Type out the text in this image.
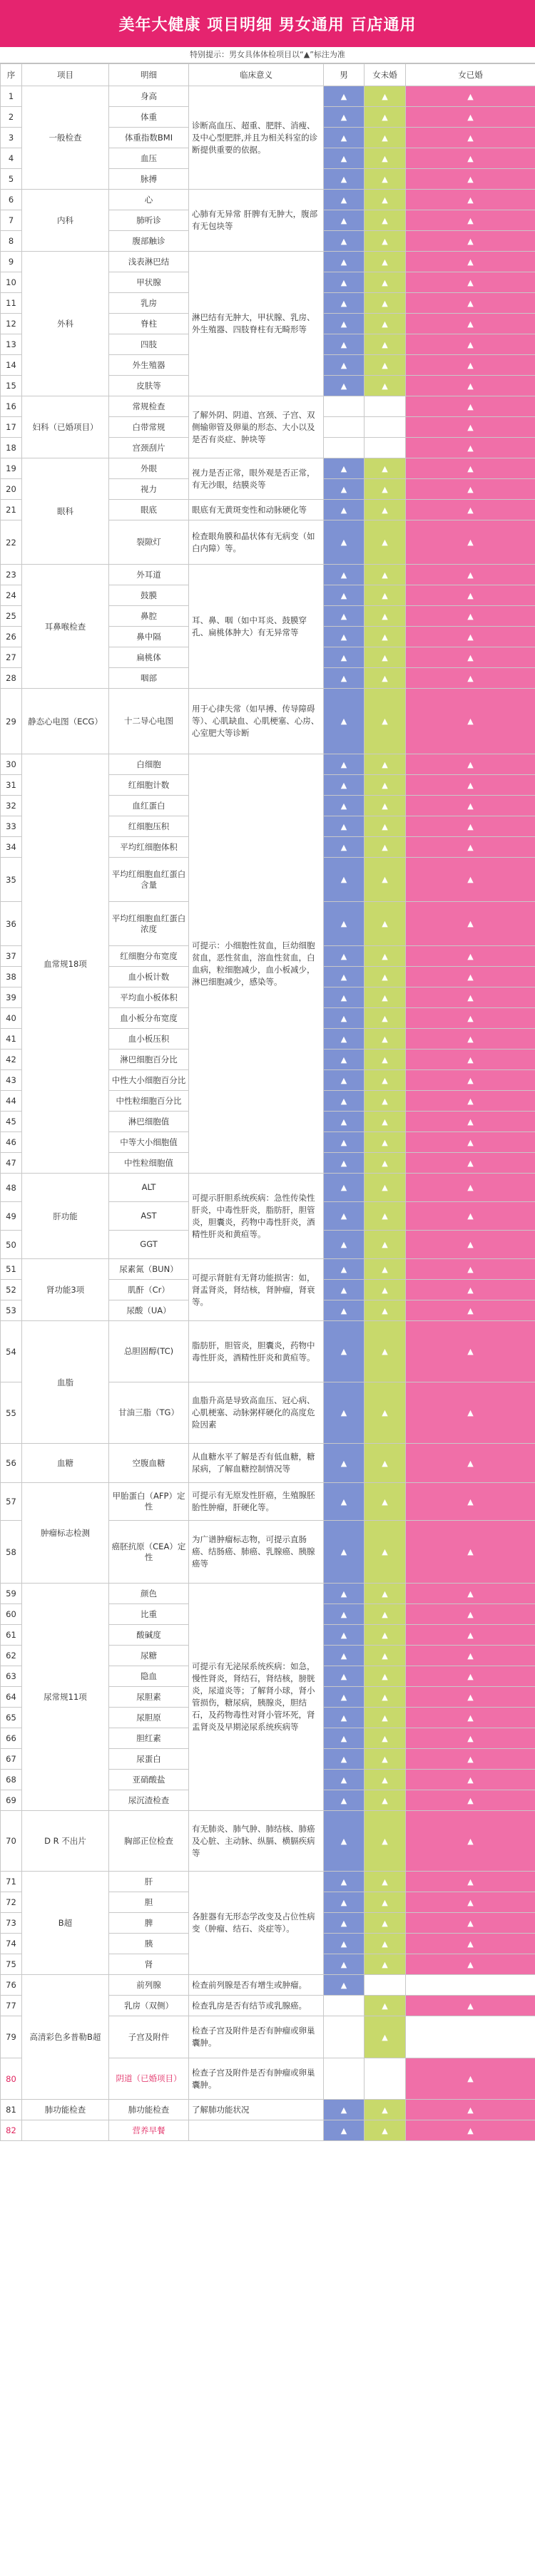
美年大健康 项目明细 男女通用 百店通用
特别提示：男女具体体检项目以“▲”标注为准
序	项目	明细	临床意义	男	女未婚	女已婚
1	一般检查	身高	诊断高血压、超重、肥胖、消瘦、及中心型肥胖,并且为相关科室的诊断提供重要的依据。	▲	▲	▲
2		体重		▲	▲	▲
3		体重指数BMI		▲	▲	▲
4		血压		▲	▲	▲
5		脉搏		▲	▲	▲
6	内科	心	心肺有无异常 肝脾有无肿大，腹部有无包块等	▲	▲	▲
7		肺听诊		▲	▲	▲
8		腹部触诊		▲	▲	▲
9	外科	浅表淋巴结	淋巴结有无肿大，甲状腺、乳房、外生殖器、四肢脊柱有无畸形等	▲	▲	▲
10		甲状腺		▲	▲	▲
11		乳房		▲	▲	▲
12		脊柱		▲	▲	▲
13		四肢		▲	▲	▲
14		外生殖器		▲	▲	▲
15		皮肤等		▲	▲	▲
16	妇科（已婚项目）	常规检查	了解外阴、阴道、宫颈、子宫、双侧输卵管及卵巢的形态、大小以及是否有炎症、肿块等			▲
17		白带常规				▲
18		宫颈刮片				▲
19	眼科	外眼	视力是否正常，眼外观是否正常，有无沙眼，结膜炎等	▲	▲	▲
20		视力		▲	▲	▲
21		眼底	眼底有无黄斑变性和动脉硬化等	▲	▲	▲
22		裂隙灯	检查眼角膜和晶状体有无病变（如白内障）等。	▲	▲	▲
23	耳鼻喉检查	外耳道	耳、鼻、咽（如中耳炎、鼓膜穿孔、扁桃体肿大）有无异常等	▲	▲	▲
24		鼓膜		▲	▲	▲
25		鼻腔		▲	▲	▲
26		鼻中隔		▲	▲	▲
27		扁桃体		▲	▲	▲
28		咽部		▲	▲	▲
29	静态心电图（ECG）	十二导心电图	用于心律失常（如早搏、传导障碍等）、心肌缺血、心肌梗塞、心房、心室肥大等诊断	▲	▲	▲
30	血常规18项	白细胞	可提示：小细胞性贫血，巨幼细胞贫血，恶性贫血，溶血性贫血，白血病，粒细胞减少，血小板减少，淋巴细胞减少，感染等。	▲	▲	▲
31		红细胞计数		▲	▲	▲
32		血红蛋白		▲	▲	▲
33		红细胞压积		▲	▲	▲
34		平均红细胞体积		▲	▲	▲
35		平均红细胞血红蛋白含量		▲	▲	▲
36		平均红细胞血红蛋白浓度		▲	▲	▲
37		红细胞分布宽度		▲	▲	▲
38		血小板计数		▲	▲	▲
39		平均血小板体积		▲	▲	▲
40		血小板分布宽度		▲	▲	▲
41		血小板压积		▲	▲	▲
42		淋巴细胞百分比		▲	▲	▲
43		中性大小细胞百分比		▲	▲	▲
44		中性粒细胞百分比		▲	▲	▲
45		淋巴细胞值		▲	▲	▲
46		中等大小细胞值		▲	▲	▲
47		中性粒细胞值		▲	▲	▲
48	肝功能	ALT	可提示肝胆系统疾病：急性传染性肝炎，中毒性肝炎，脂肪肝，胆管炎，胆囊炎，药物中毒性肝炎，酒精性肝炎和黄疸等。	▲	▲	▲
49		AST		▲	▲	▲
50		GGT		▲	▲	▲
51	肾功能3项	尿素氮（BUN）	可提示肾脏有无肾功能损害：如，肾盂肾炎，肾结核，肾肿瘤，肾衰等。	▲	▲	▲
52		肌酐（Cr）		▲	▲	▲
53		尿酸（UA）		▲	▲	▲
54	血脂	总胆固醇(TC)	脂肪肝，胆管炎，胆囊炎，药物中毒性肝炎，酒精性肝炎和黄疸等。	▲	▲	▲
55		甘油三脂（TG）	血脂升高是导致高血压、冠心病、心肌梗塞、动脉粥样硬化的高度危险因素	▲	▲	▲
56	血糖	空腹血糖	从血糖水平了解是否有低血糖，糖尿病，了解血糖控制情况等	▲	▲	▲
57	肿瘤标志检测	甲胎蛋白（AFP）定性	可提示有无原发性肝癌，生殖腺胚胎性肿瘤，肝硬化等。	▲	▲	▲
58		癌胚抗原（CEA）定性	为广谱肿瘤标志物，可提示直肠癌、结肠癌、肺癌、乳腺癌、胰腺癌等	▲	▲	▲
59	尿常规11项	颜色	可提示有无泌尿系统疾病：如急，慢性肾炎，肾结石，肾结核，膀胱炎，尿道炎等；了解肾小球，肾小管损伤，糖尿病，胰腺炎，胆结石，及药物毒性对肾小管坏死，肾盂肾炎及早期泌尿系统疾病等	▲	▲	▲
60		比重		▲	▲	▲
61		酸碱度		▲	▲	▲
62		尿糖		▲	▲	▲
63		隐血		▲	▲	▲
64		尿胆素		▲	▲	▲
65		尿胆原		▲	▲	▲
66		胆红素		▲	▲	▲
67		尿蛋白		▲	▲	▲
68		亚硝酸盐		▲	▲	▲
69		尿沉渣检查		▲	▲	▲
70	D R 不出片	胸部正位检查	有无肺炎、肺气肿、肺结核、肺癌及心脏、主动脉、纵膈、横膈疾病等	▲	▲	▲
71	B超	肝	各脏器有无形态学改变及占位性病变（肿瘤、结石、炎症等）。	▲	▲	▲
72		胆		▲	▲	▲
73		脾		▲	▲	▲
74		胰		▲	▲	▲
75		肾		▲	▲	▲
76	高清彩色多普勒B超	前列腺	检查前列腺是否有增生或肿瘤。	▲		
77		乳房（双侧）	检查乳房是否有结节或乳腺癌。		▲	▲
79		子宫及附件	检查子宫及附件是否有肿瘤或卵巢囊肿。		▲	
80		阴道（已婚项目）	检查子宫及附件是否有肿瘤或卵巢囊肿。			▲
81	肺功能检查	肺功能检查	了解肺功能状况	▲	▲	▲
82		营养早餐		▲	▲	▲
